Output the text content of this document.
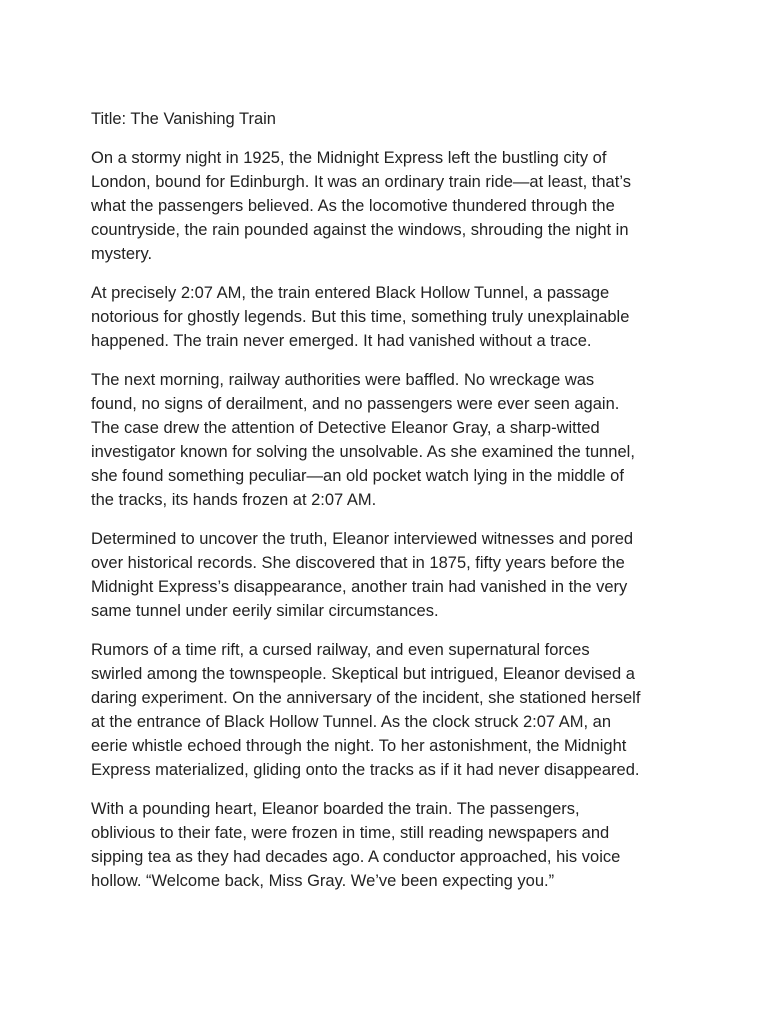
Title: The Vanishing Train
On a stormy night in 1925, the Midnight Express left the bustling city of
London, bound for Edinburgh. It was an ordinary train ride—at least, that’s
what the passengers believed. As the locomotive thundered through the
countryside, the rain pounded against the windows, shrouding the night in
mystery.
At precisely 2:07 AM, the train entered Black Hollow Tunnel, a passage
notorious for ghostly legends. But this time, something truly unexplainable
happened. The train never emerged. It had vanished without a trace.
The next morning, railway authorities were baffled. No wreckage was
found, no signs of derailment, and no passengers were ever seen again.
The case drew the attention of Detective Eleanor Gray, a sharp-witted
investigator known for solving the unsolvable. As she examined the tunnel,
she found something peculiar—an old pocket watch lying in the middle of
the tracks, its hands frozen at 2:07 AM.
Determined to uncover the truth, Eleanor interviewed witnesses and pored
over historical records. She discovered that in 1875, fifty years before the
Midnight Express’s disappearance, another train had vanished in the very
same tunnel under eerily similar circumstances.
Rumors of a time rift, a cursed railway, and even supernatural forces
swirled among the townspeople. Skeptical but intrigued, Eleanor devised a
daring experiment. On the anniversary of the incident, she stationed herself
at the entrance of Black Hollow Tunnel. As the clock struck 2:07 AM, an
eerie whistle echoed through the night. To her astonishment, the Midnight
Express materialized, gliding onto the tracks as if it had never disappeared.
With a pounding heart, Eleanor boarded the train. The passengers,
oblivious to their fate, were frozen in time, still reading newspapers and
sipping tea as they had decades ago. A conductor approached, his voice
hollow. “Welcome back, Miss Gray. We’ve been expecting you.”
